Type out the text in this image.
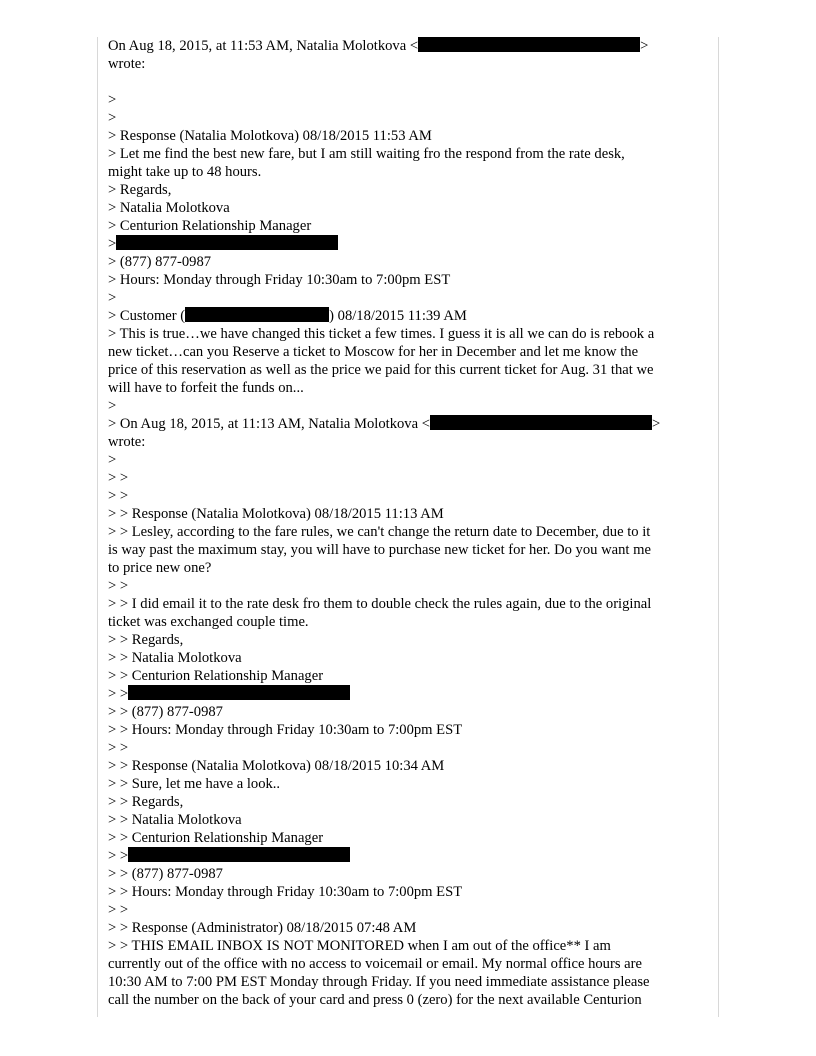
On Aug 18, 2015, at 11:53 AM, Natalia Molotkova <	>
wrote:
>
>
> Response (Natalia Molotkova) 08/18/2015 11:53 AM
> Let me find the best new fare, but I am still waiting fro the respond from the rate desk,
might take up to 48 hours.
> Regards,
> Natalia Molotkova
> Centurion Relationship Manager
>
> (877) 877-0987
> Hours: Monday through Friday 10:30am to 7:00pm EST
>
> Customer (	) 08/18/2015 11:39 AM
> This is true…we have changed this ticket a few times. I guess it is all we can do is rebook a
new ticket…can you Reserve a ticket to Moscow for her in December and let me know the
price of this reservation as well as the price we paid for this current ticket for Aug. 31 that we
will have to forfeit the funds on...
>
> On Aug 18, 2015, at 11:13 AM, Natalia Molotkova <	>
wrote:
>
> >
> >
> > Response (Natalia Molotkova) 08/18/2015 11:13 AM
> > Lesley, according to the fare rules, we can't change the return date to December, due to it
is way past the maximum stay, you will have to purchase new ticket for her. Do you want me
to price new one?
> >
> > I did email it to the rate desk fro them to double check the rules again, due to the original
ticket was exchanged couple time.
> > Regards,
> > Natalia Molotkova
> > Centurion Relationship Manager
> >
> > (877) 877-0987
> > Hours: Monday through Friday 10:30am to 7:00pm EST
> >
> > Response (Natalia Molotkova) 08/18/2015 10:34 AM
> > Sure, let me have a look..
> > Regards,
> > Natalia Molotkova
> > Centurion Relationship Manager
> >
> > (877) 877-0987
> > Hours: Monday through Friday 10:30am to 7:00pm EST
> >
> > Response (Administrator) 08/18/2015 07:48 AM
> > THIS EMAIL INBOX IS NOT MONITORED when I am out of the office** I am
currently out of the office with no access to voicemail or email. My normal office hours are
10:30 AM to 7:00 PM EST Monday through Friday. If you need immediate assistance please
call the number on the back of your card and press 0 (zero) for the next available Centurion
